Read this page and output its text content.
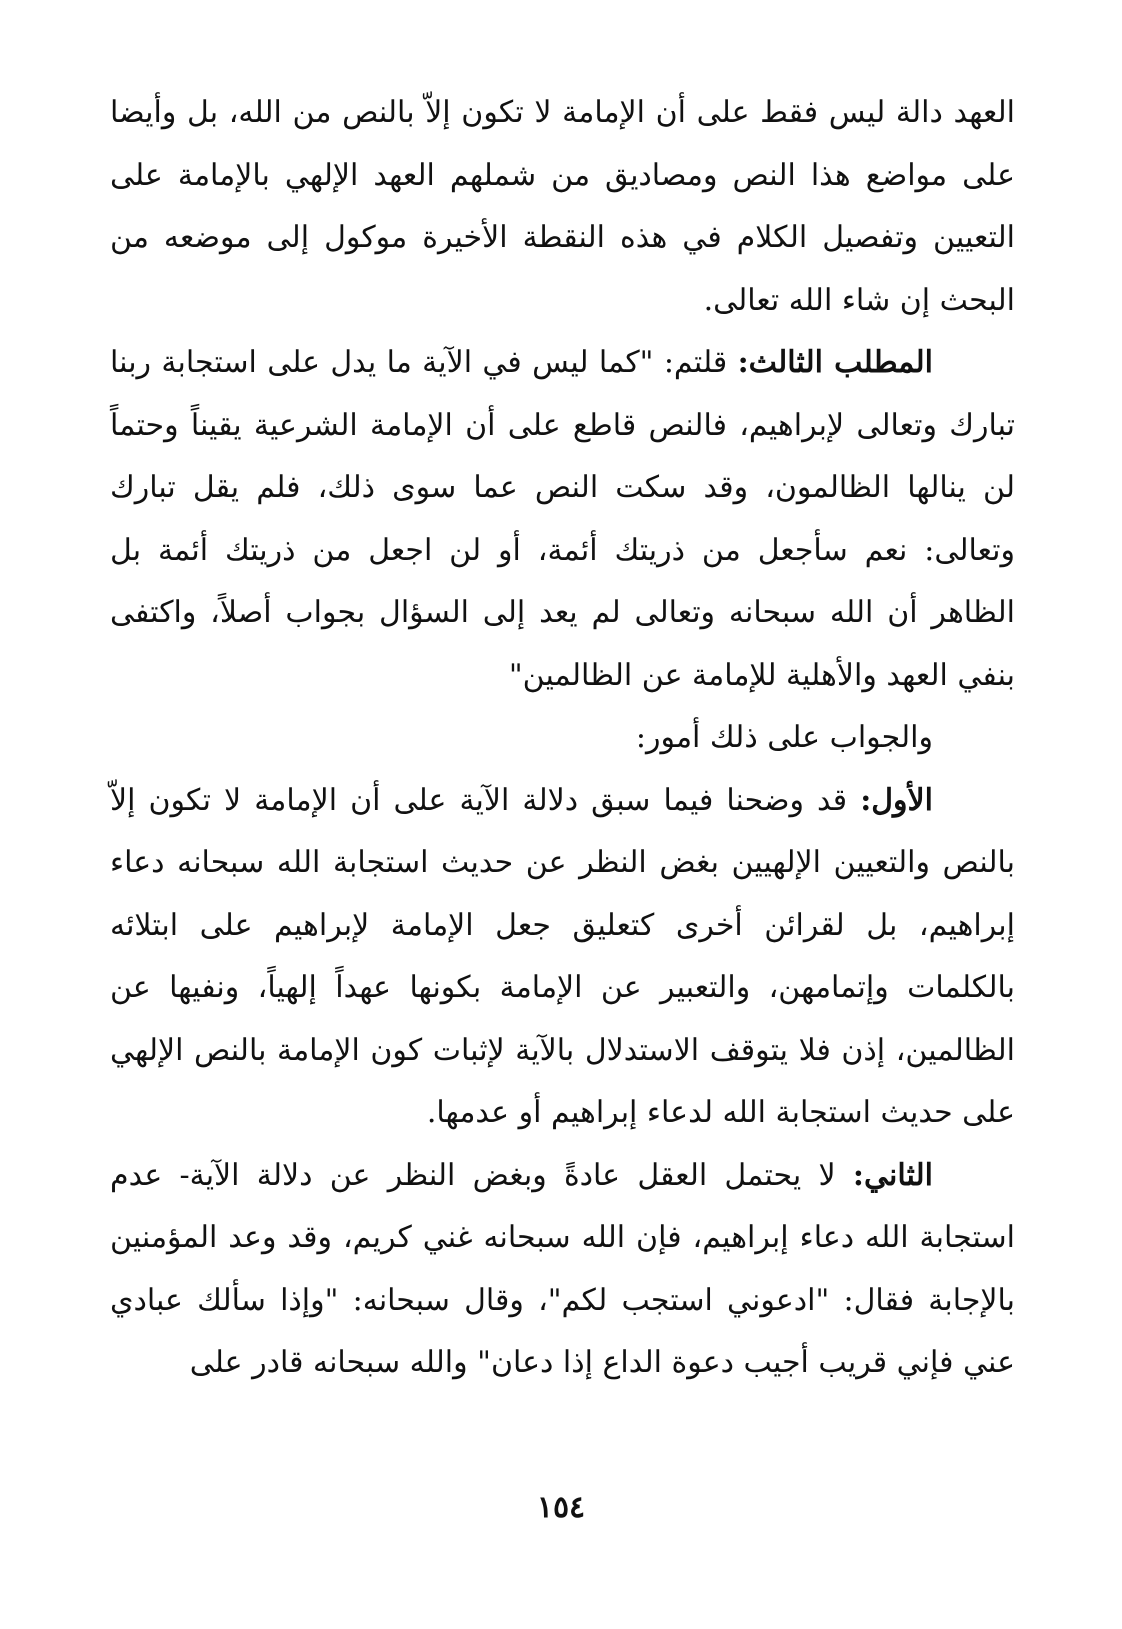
العهد دالة ليس فقط على أن الإمامة لا تكون إلاّ بالنص من الله، بل وأيضا على مواضع هذا النص ومصاديق من شملهم العهد الإلهي بالإمامة على التعيين وتفصيل الكلام في هذه النقطة الأخيرة موكول إلى موضعه من البحث إن شاء الله تعالى.

المطلب الثالث: قلتم: "كما ليس في الآية ما يدل على استجابة ربنا تبارك وتعالى لإبراهيم، فالنص قاطع على أن الإمامة الشرعية يقيناً وحتماً لن ينالها الظالمون، وقد سكت النص عما سوى ذلك، فلم يقل تبارك وتعالى: نعم سأجعل من ذريتك أئمة، أو لن اجعل من ذريتك أئمة بل الظاهر أن الله سبحانه وتعالى لم يعد إلى السؤال بجواب أصلاً، واكتفى بنفي العهد والأهلية للإمامة عن الظالمين"

والجواب على ذلك أمور:

الأول: قد وضحنا فيما سبق دلالة الآية على أن الإمامة لا تكون إلاّ بالنص والتعيين الإلهيين بغض النظر عن حديث استجابة الله سبحانه دعاء إبراهيم، بل لقرائن أخرى كتعليق جعل الإمامة لإبراهيم على ابتلائه بالكلمات وإتمامهن، والتعبير عن الإمامة بكونها عهداً إلهياً، ونفيها عن الظالمين، إذن فلا يتوقف الاستدلال بالآية لإثبات كون الإمامة بالنص الإلهي على حديث استجابة الله لدعاء إبراهيم أو عدمها.

الثاني: لا يحتمل العقل عادةً وبغض النظر عن دلالة الآية- عدم استجابة الله دعاء إبراهيم، فإن الله سبحانه غني كريم، وقد وعد المؤمنين بالإجابة فقال: "ادعوني استجب لكم"، وقال سبحانه: "وإذا سألك عبادي عني فإني قريب أجيب دعوة الداع إذا دعان" والله سبحانه قادر على

١٥٤
